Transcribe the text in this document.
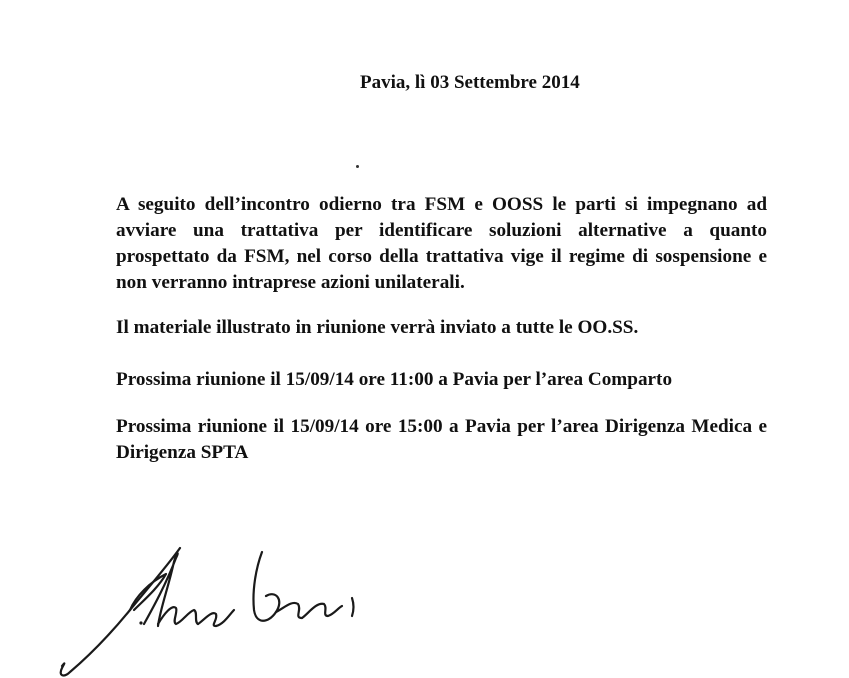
Pavia, lì 03 Settembre 2014

A seguito dell’incontro odierno tra FSM e OOSS le parti si impegnano ad avviare una trattativa per identificare soluzioni alternative a quanto prospettato da FSM, nel corso della trattativa vige il regime di sospensione e non verranno intraprese azioni unilaterali.

Il materiale illustrato in riunione verrà inviato a tutte le OO.SS.

Prossima riunione il 15/09/14 ore 11:00 a Pavia per l’area Comparto

Prossima riunione il 15/09/14 ore 15:00 a Pavia per l’area Dirigenza Medica e Dirigenza SPTA
